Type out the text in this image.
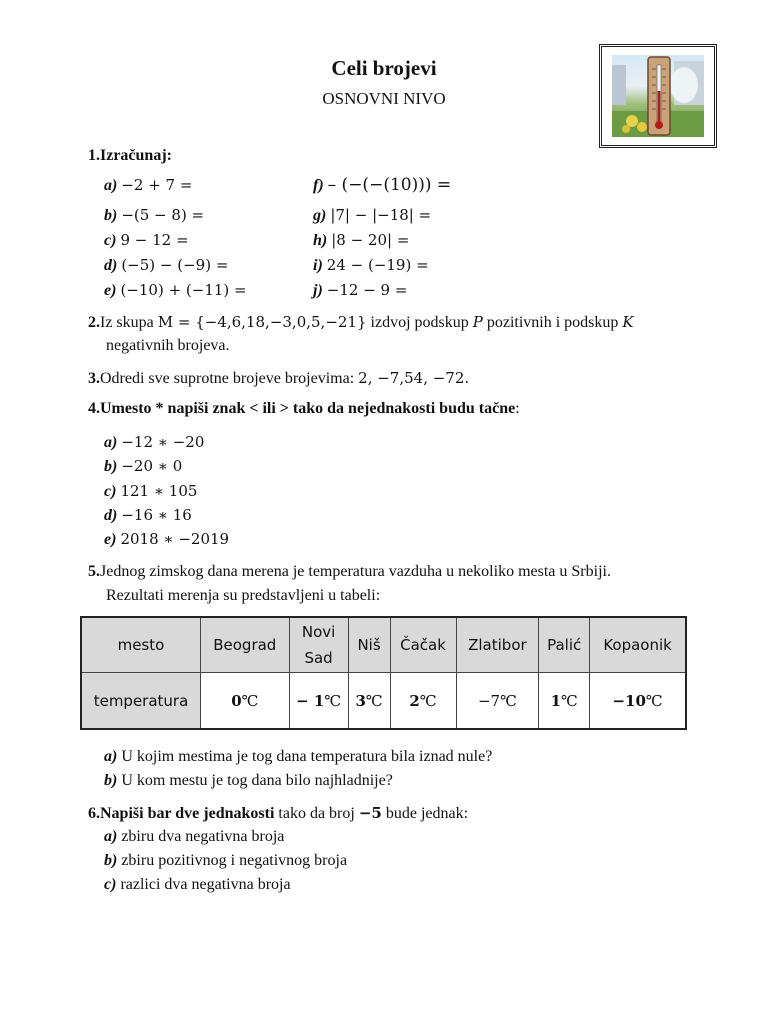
Celi brojevi
OSNOVNI NIVO
1.Izračunaj:
a) −2 + 7 =
b) −(5 − 8) =
c) 9 − 12 =
d) (−5) − (−9) =
e) (−10) + (−11) =
f) – (−(−(10))) =
g) |7| − |−18| =
h) |8 − 20| =
i) 24 − (−19) =
j) −12 − 9 =
2.Iz skupa M = {−4,6,18,−3,0,5,−21} izdvoj podskup P pozitivnih i podskup K
negativnih brojeva.
3.Odredi sve suprotne brojeve brojevima: 2, −7,54, −72.
4.Umesto * napiši znak < ili > tako da nejednakosti budu tačne:
a) −12 ∗ −20
b) −20 ∗ 0
c) 121 ∗ 105
d) −16 ∗ 16
e) 2018 ∗ −2019
5.Jednog zimskog dana merena je temperatura vazduha u nekoliko mesta u Srbiji.
Rezultati merenja su predstavljeni u tabeli:
mesto	Beograd	Novi Sad	Niš	Čačak	Zlatibor	Palić	Kopaonik
temperatura	0℃	− 1℃	3℃	2℃	−7℃	1℃	−10℃
a) U kojim mestima je tog dana temperatura bila iznad nule?
b) U kom mestu je tog dana bilo najhladnije?
6.Napiši bar dve jednakosti tako da broj −5 bude jednak:
a) zbiru dva negativna broja
b) zbiru pozitivnog i negativnog broja
c) razlici dva negativna broja
